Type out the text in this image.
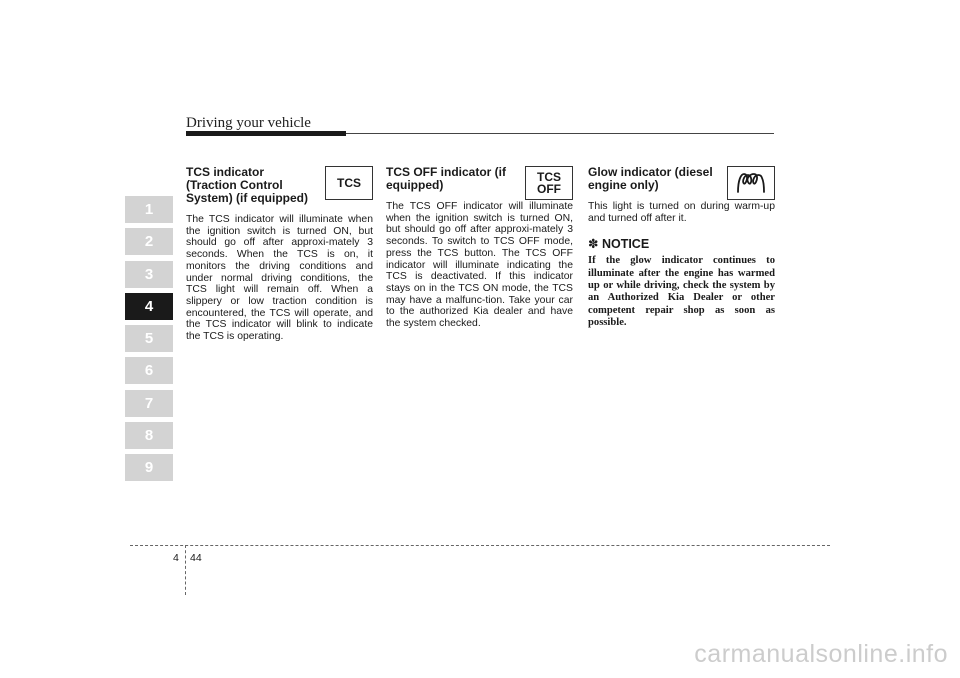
Driving your vehicle
1
2
3
4
5
6
7
8
9
TCS indicator (Traction Control System) (if equipped)
TCS
The TCS indicator will illuminate when the ignition switch is turned ON, but should go off after approxi-mately 3 seconds. When the TCS is on, it monitors the driving conditions and under normal driving conditions, the TCS light will remain off. When a slippery or low traction condition is encountered, the TCS will operate, and the TCS indicator will blink to indicate the TCS is operating.
TCS OFF indicator (if equipped)
TCS
OFF
The TCS OFF indicator will illuminate when the ignition switch is turned ON, but should go off after approxi-mately 3 seconds. To switch to TCS OFF mode, press the TCS button. The TCS OFF indicator will illuminate indicating the TCS is deactivated. If this indicator stays on in the TCS ON mode, the TCS may have a malfunc-tion. Take your car to the authorized Kia dealer and have the system checked.
Glow indicator (diesel engine only)
This light is turned on during warm-up and turned off after it.
✽ NOTICE
If the glow indicator continues to illuminate after the engine has warmed up or while driving, check the system by an Authorized Kia Dealer or other competent repair shop as soon as possible.
4 44
carmanualsonline.info
